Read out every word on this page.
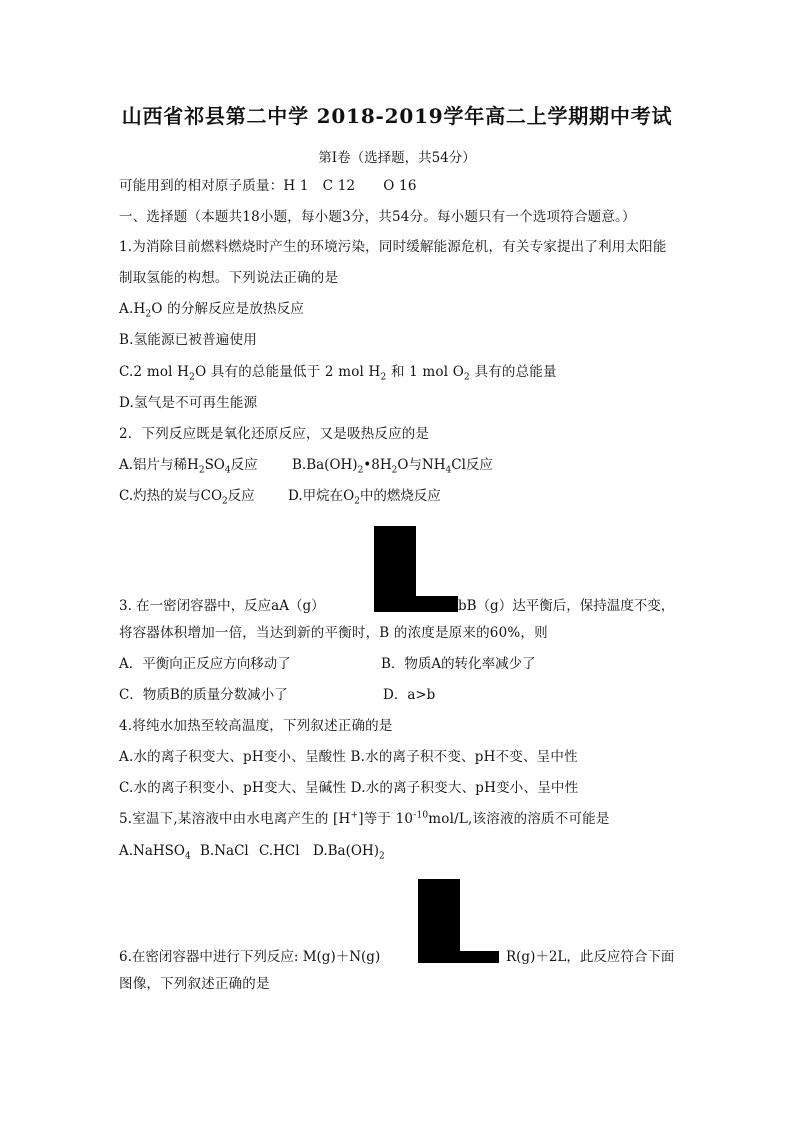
山西省祁县第二中学 2018-2019学年高二上学期期中考试
第Ⅰ卷（选择题，共54分）
可能用到的相对原子质量：H 1 C 12 O 16
一、选择题（本题共18小题，每小题3分，共54分。每小题只有一个选项符合题意。）
1.为消除目前燃料燃烧时产生的环境污染，同时缓解能源危机，有关专家提出了利用太阳能
制取氢能的构想。下列说法正确的是
$A.H_2O$ 的分解反应是放热反应
B.氢能源已被普遍使用
C.2 mol $H_2O$ 具有的总能量低于 2 mol $H_2$ 和 1 mol $O_2$ 具有的总能量
D.氢气是不可再生能源
2．下列反应既是氧化还原反应，又是吸热反应的是
A.铝片与稀$H_2SO_4$反应	$B.Ba(OH)_2•8H_2O$与$NH_4Cl$反应
C.灼热的炭与$CO_2$反应 D.甲烷在$O_2$中的燃烧反应
3. 在一密闭容器中，反应aA（g）	bB（g）达平衡后，保持温度不变，
将容器体积增加一倍，当达到新的平衡时，B 的浓度是原来的60%，则
A．平衡向正反应方向移动了	B．物质A的转化率减少了
C．物质B的质量分数减小了	D．a>b
4.将纯水加热至较高温度，下列叙述正确的是
A.水的离子积变大、pH变小、呈酸性 B.水的离子积不变、pH不变、呈中性
C.水的离子积变小、pH变大、呈碱性 D.水的离子积变大、pH变小、呈中性
5.室温下,某溶液中由水电离产生的 [H+]等于 $10^{-10}mol/L$,该溶液的溶质不可能是
A.NaHSO$_4$ B.NaCl C.HCl $D.Ba(OH)_2$
6.在密闭容器中进行下列反应: M(g)＋N(g)	R(g)＋2L，此反应符合下面
图像，下列叙述正确的是
